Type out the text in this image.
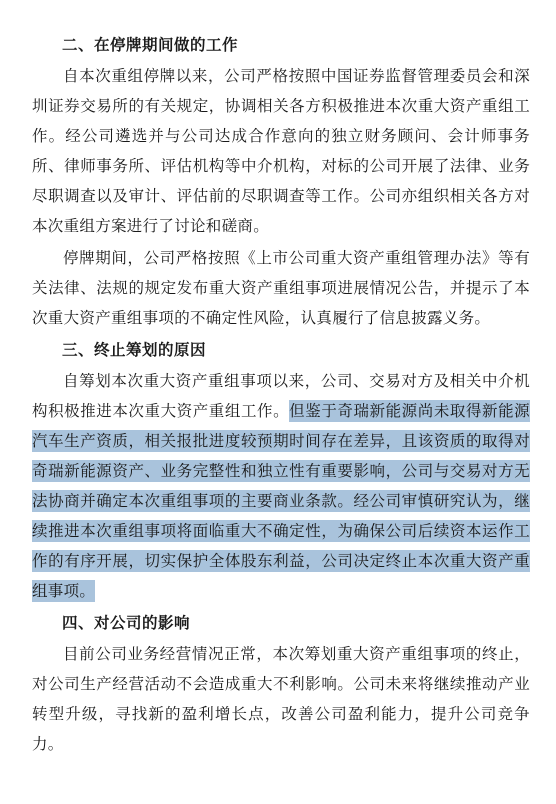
二、在停牌期间做的工作

自本次重组停牌以来，公司严格按照中国证券监督管理委员会和深圳证券交易所的有关规定，协调相关各方积极推进本次重大资产重组工作。经公司遴选并与公司达成合作意向的独立财务顾问、会计师事务所、律师事务所、评估机构等中介机构，对标的公司开展了法律、业务尽职调查以及审计、评估前的尽职调查等工作。公司亦组织相关各方对本次重组方案进行了讨论和磋商。

停牌期间，公司严格按照《上市公司重大资产重组管理办法》等有关法律、法规的规定发布重大资产重组事项进展情况公告，并提示了本次重大资产重组事项的不确定性风险，认真履行了信息披露义务。

三、终止筹划的原因

自筹划本次重大资产重组事项以来，公司、交易对方及相关中介机构积极推进本次重大资产重组工作。但鉴于奇瑞新能源尚未取得新能源汽车生产资质，相关报批进度较预期时间存在差异，且该资质的取得对奇瑞新能源资产、业务完整性和独立性有重要影响，公司与交易对方无法协商并确定本次重组事项的主要商业条款。经公司审慎研究认为，继续推进本次重组事项将面临重大不确定性，为确保公司后续资本运作工作的有序开展，切实保护全体股东利益，公司决定终止本次重大资产重组事项。

四、对公司的影响

目前公司业务经营情况正常，本次筹划重大资产重组事项的终止，对公司生产经营活动不会造成重大不利影响。公司未来将继续推动产业转型升级，寻找新的盈利增长点，改善公司盈利能力，提升公司竞争力。
